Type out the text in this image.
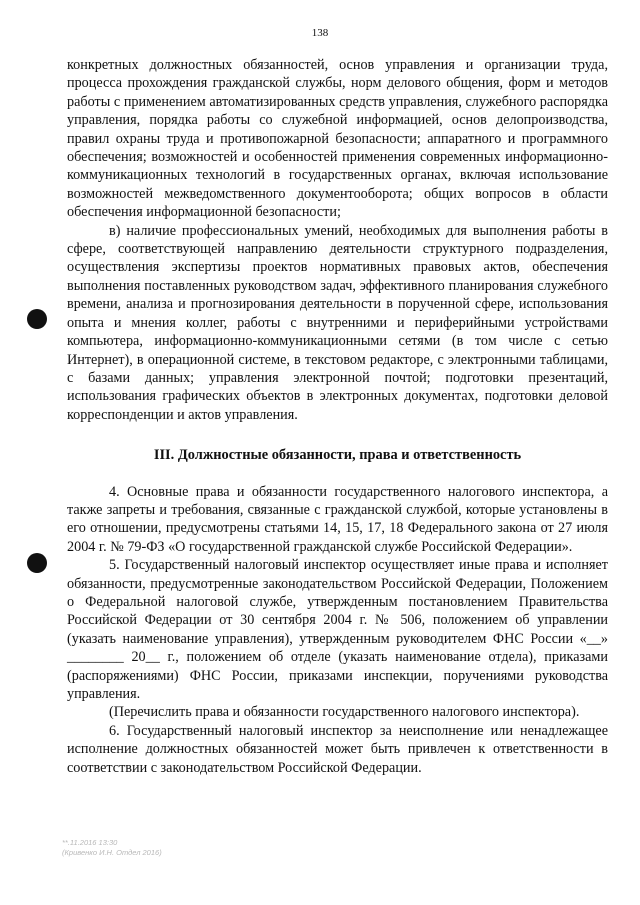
138

конкретных должностных обязанностей, основ управления и организации труда, процесса прохождения гражданской службы, норм делового общения, форм и методов работы с применением автоматизированных средств управления, служебного распорядка управления, порядка работы со служебной информацией, основ делопроизводства, правил охраны труда и противопожарной безопасности; аппаратного и программного обеспечения; возможностей и особенностей применения современных информационно-коммуникационных технологий в государственных органах, включая использование возможностей межведомственного документооборота; общих вопросов в области обеспечения информационной безопасности;

в) наличие профессиональных умений, необходимых для выполнения работы в сфере, соответствующей направлению деятельности структурного подразделения, осуществления экспертизы проектов нормативных правовых актов, обеспечения выполнения поставленных руководством задач, эффективного планирования служебного времени, анализа и прогнозирования деятельности в порученной сфере, использования опыта и мнения коллег, работы с внутренними и периферийными устройствами компьютера, информационно-коммуникационными сетями (в том числе с сетью Интернет), в операционной системе, в текстовом редакторе, с электронными таблицами, с базами данных; управления электронной почтой; подготовки презентаций, использования графических объектов в электронных документах, подготовки деловой корреспонденции и актов управления.

III. Должностные обязанности, права и ответственность

4. Основные права и обязанности государственного налогового инспектора, а также запреты и требования, связанные с гражданской службой, которые установлены в его отношении, предусмотрены статьями 14, 15, 17, 18 Федерального закона от 27 июля 2004 г. № 79-ФЗ «О государственной гражданской службе Российской Федерации».

5. Государственный налоговый инспектор осуществляет иные права и исполняет обязанности, предусмотренные законодательством Российской Федерации, Положением о Федеральной налоговой службе, утвержденным постановлением Правительства Российской Федерации от 30 сентября 2004 г. № 506, положением об управлении (указать наименование управления), утвержденным руководителем ФНС России «__» ________ 20__ г., положением об отделе (указать наименование отдела), приказами (распоряжениями) ФНС России, приказами инспекции, поручениями руководства управления.

(Перечислить права и обязанности государственного налогового инспектора).

6. Государственный налоговый инспектор за неисполнение или ненадлежащее исполнение должностных обязанностей может быть привлечен к ответственности в соответствии с законодательством Российской Федерации.

**.11.2016 13:30
(Кривенко И.Н. Отдел 2016)
